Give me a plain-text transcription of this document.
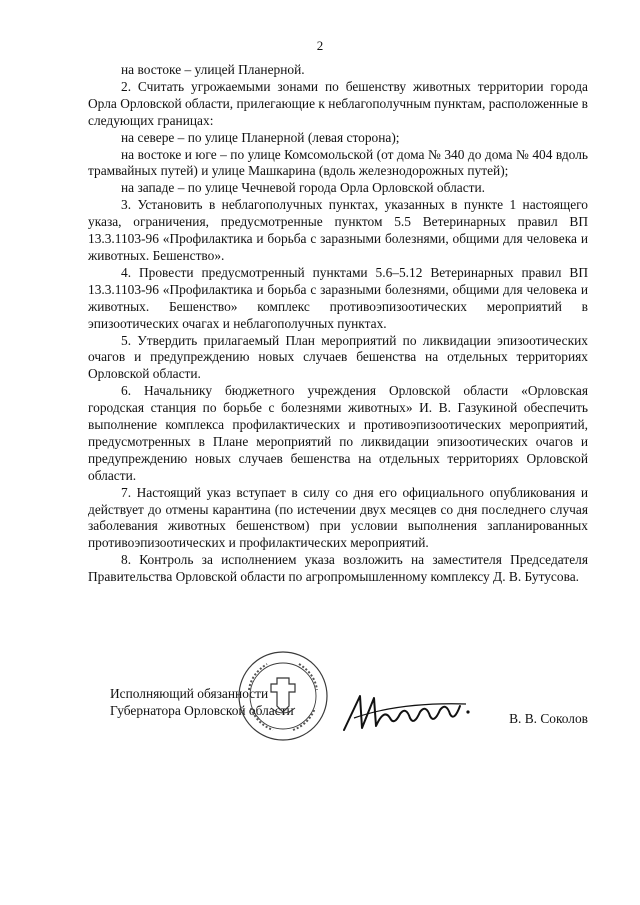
2

на востоке – улицей Планерной.

2. Считать угрожаемыми зонами по бешенству животных территории города Орла Орловской области, прилегающие к неблагополучным пунктам, расположенные в следующих границах:

на севере – по улице Планерной (левая сторона);

на востоке и юге – по улице Комсомольской (от дома № 340 до дома № 404 вдоль трамвайных путей) и улице Машкарина (вдоль железнодорожных путей);

на западе – по улице Чечневой города Орла Орловской области.

3. Установить в неблагополучных пунктах, указанных в пункте 1 настоящего указа, ограничения, предусмотренные пунктом 5.5 Ветеринарных правил ВП 13.3.1103-96 «Профилактика и борьба с заразными болезнями, общими для человека и животных. Бешенство».

4. Провести предусмотренный пунктами 5.6–5.12 Ветеринарных правил ВП 13.3.1103-96 «Профилактика и борьба с заразными болезнями, общими для человека и животных. Бешенство» комплекс противоэпизоотических мероприятий в эпизоотических очагах и неблагополучных пунктах.

5. Утвердить прилагаемый План мероприятий по ликвидации эпизоотических очагов и предупреждению новых случаев бешенства на отдельных территориях Орловской области.

6. Начальнику бюджетного учреждения Орловской области «Орловская городская станция по борьбе с болезнями животных» И. В. Газукиной обеспечить выполнение комплекса профилактических и противоэпизоотических мероприятий, предусмотренных в Плане мероприятий по ликвидации эпизоотических очагов и предупреждению новых случаев бешенства на отдельных территориях Орловской области.

7. Настоящий указ вступает в силу со дня его официального опубликования и действует до отмены карантина (по истечении двух месяцев со дня последнего случая заболевания животных бешенством) при условии выполнения запланированных противоэпизоотических и профилактических мероприятий.

8. Контроль за исполнением указа возложить на заместителя Председателя Правительства Орловской области по агропромышленному комплексу Д. В. Бутусова.

Исполняющий обязанности
Губернатора Орловской области
В. В. Соколов
